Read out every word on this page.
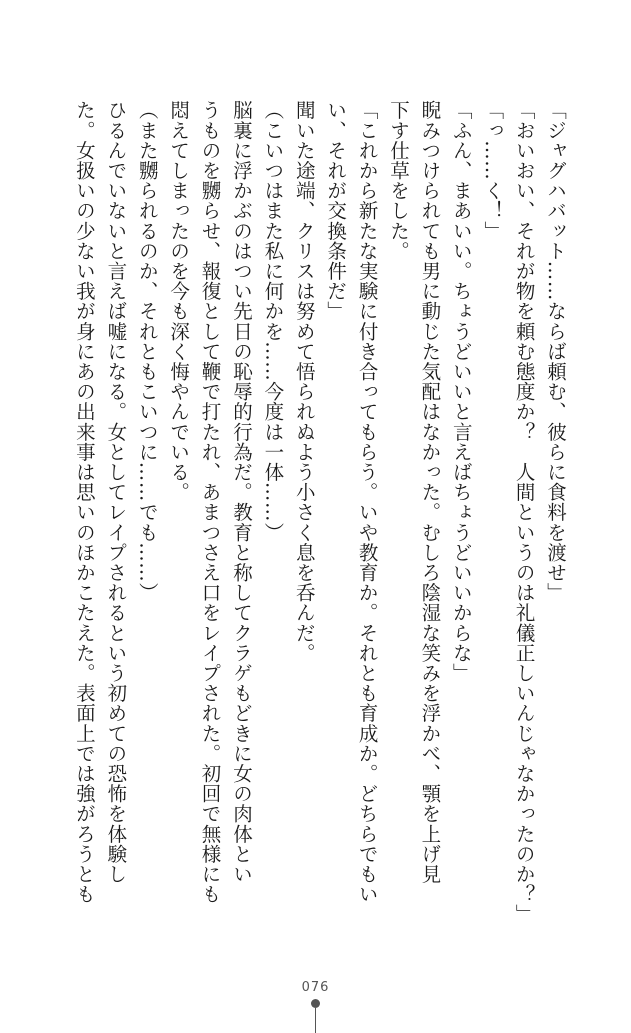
「ジャグハバット……ならば頼む、彼らに食料を渡せ」
「おいおい、それが物を頼む態度か？　人間というのは礼儀正しいんじゃなかったのか？」
「っ……く！」
「ふん、まあいい。ちょうどいいと言えばちょうどいいからな」
睨みつけられても男に動じた気配はなかった。むしろ陰湿な笑みを浮かべ、顎を上げ見
下す仕草をした。
「これから新たな実験に付き合ってもらう。いや教育か。それとも育成か。どちらでもい
い、それが交換条件だ」
聞いた途端、クリスは努めて悟られぬよう小さく息を呑んだ。
（こいつはまた私に何かを……今度は一体……）
脳裏に浮かぶのはつい先日の恥辱的行為だ。教育と称してクラゲもどきに女の肉体とい
うものを嬲らせ、報復として鞭で打たれ、あまつさえ口をレイプされた。初回で無様にも
悶えてしまったのを今も深く悔やんでいる。
（また嬲られるのか、それともこいつに……でも……）
ひるんでいないと言えば嘘になる。女としてレイプされるという初めての恐怖を体験し
た。女扱いの少ない我が身にあの出来事は思いのほかこたえた。表面上では強がろうとも
076
